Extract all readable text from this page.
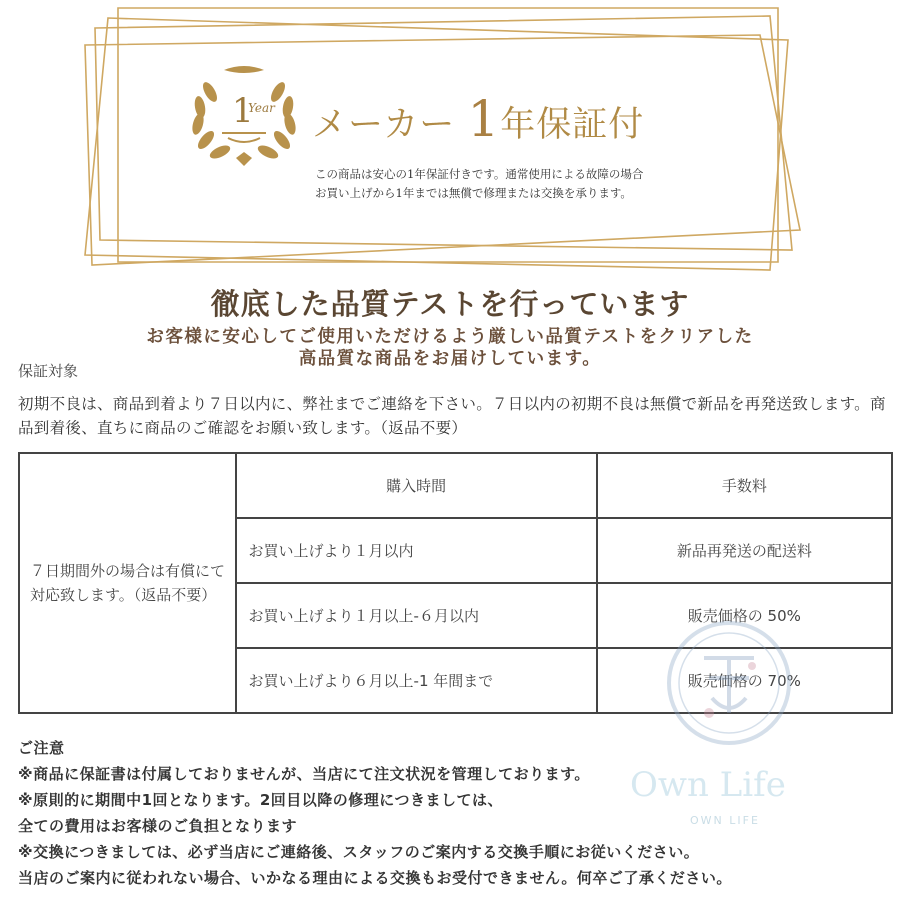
1
Year メーカー 1年保証付
この商品は安心の1年保証付きです。通常使用による故障の場合
お買い上げから1年までは無償で修理または交換を承ります。
徹底した品質テストを行っています
お客様に安心してご使用いただけるよう厳しい品質テストをクリアした
高品質な商品をお届けしています。
保証対象
初期不良は、商品到着より７日以内に、弊社までご連絡を下さい。７日以内の初期不良は無償で新品を再発送致します。商品到着後、直ちに商品のご確認をお願い致します。（返品不要）
７日期間外の場合は有償にて対応致します。（返品不要）	購入時間	手数料
	お買い上げより１月以内	新品再発送の配送料
	お買い上げより１月以上-６月以内	販売価格の 50%
	お買い上げより６月以上-1 年間まで	販売価格の 70%
Own Life
OWN LIFE
ご注意
※商品に保証書は付属しておりませんが、当店にて注文状況を管理しております。
※原則的に期間中1回となります。2回目以降の修理につきましては、
全ての費用はお客様のご負担となります
※交換につきましては、必ず当店にご連絡後、スタッフのご案内する交換手順にお従いください。
当店のご案内に従われない場合、いかなる理由による交換もお受付できません。何卒ご了承ください。
